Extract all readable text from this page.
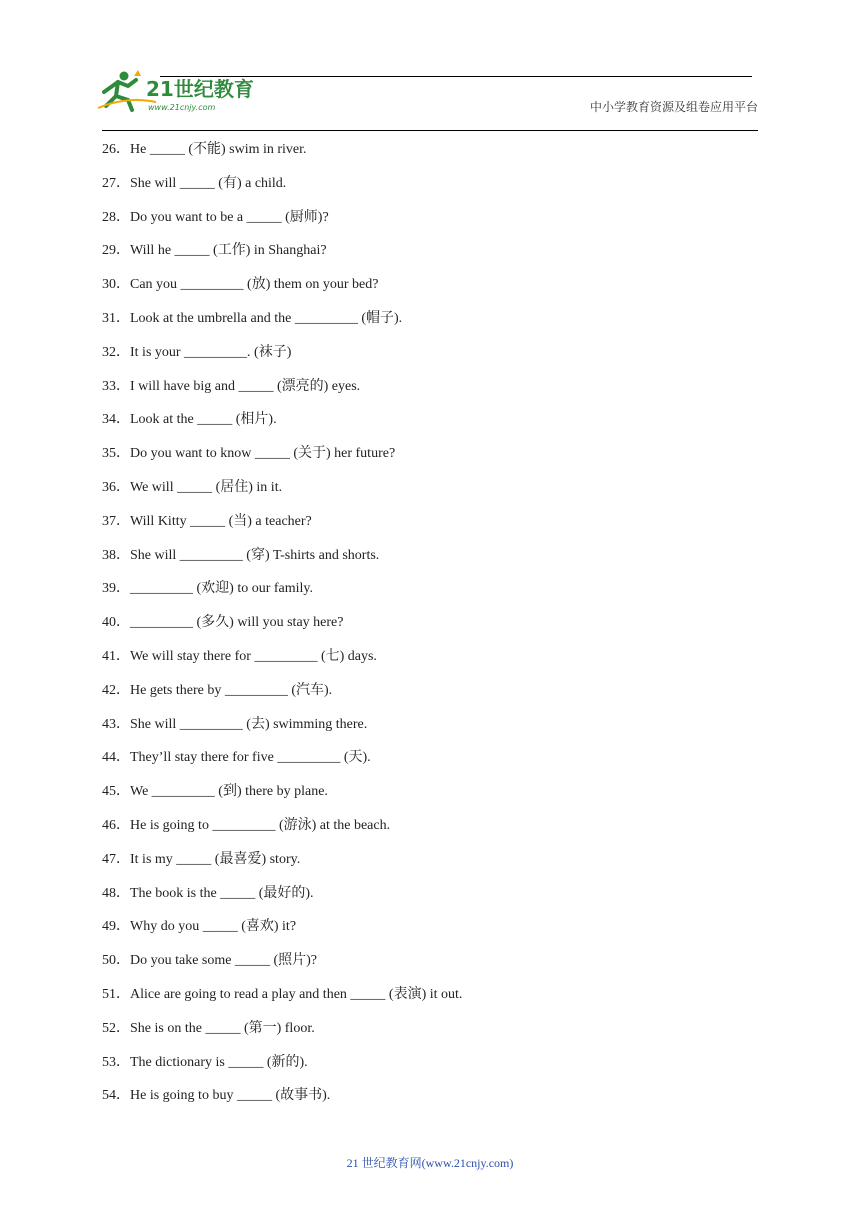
21世纪教育
www.21cnjy.com	中小学教育资源及组卷应用平台
26．He _____ (不能) swim in river.
27．She will _____ (有) a child.
28．Do you want to be a _____ (厨师)?
29．Will he _____ (工作) in Shanghai?
30．Can you _________ (放) them on your bed?
31．Look at the umbrella and the _________ (帽子).
32．It is your _________. (袜子)
33．I will have big and _____ (漂亮的) eyes.
34．Look at the _____ (相片).
35．Do you want to know _____ (关于) her future?
36．We will _____ (居住) in it.
37．Will Kitty _____ (当) a teacher?
38．She will _________ (穿) T-shirts and shorts.
39．_________ (欢迎) to our family.
40．_________ (多久) will you stay here?
41．We will stay there for _________ (七) days.
42．He gets there by _________ (汽车).
43．She will _________ (去) swimming there.
44．They’ll stay there for five _________ (天).
45．We _________ (到) there by plane.
46．He is going to _________ (游泳) at the beach.
47．It is my _____ (最喜爱) story.
48．The book is the _____ (最好的).
49．Why do you _____ (喜欢) it?
50．Do you take some _____ (照片)?
51．Alice are going to read a play and then _____ (表演) it out.
52．She is on the _____ (第一) floor.
53．The dictionary is _____ (新的).
54．He is going to buy _____ (故事书).
21 世纪教育网(www.21cnjy.com)
